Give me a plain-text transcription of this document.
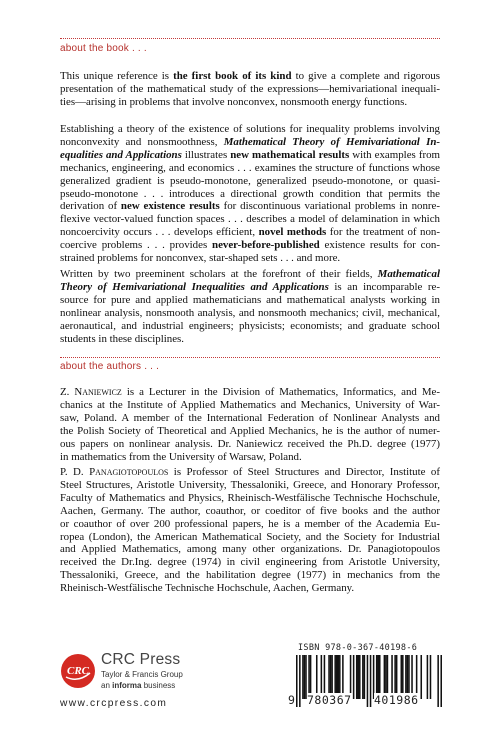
about the book . . .
This unique reference is the first book of its kind to give a complete and rigorous
presentation of the mathematical study of the expressions—hemivariational inequali-
ties—arising in problems that involve nonconvex, nonsmooth energy functions.
Establishing a theory of the existence of solutions for inequality problems involving
nonconvexity and nonsmoothness, Mathematical Theory of Hemivariational In-
equalities and Applications illustrates new mathematical results with examples from
mechanics, engineering, and economics . . . examines the structure of functions whose
generalized gradient is pseudo-monotone, generalized pseudo-monotone, or quasi-
pseudo-monotone . . . introduces a directional growth condition that permits the
derivation of new existence results for discontinuous variational problems in nonre-
flexive vector-valued function spaces . . . describes a model of delamination in which
noncoercivity occurs . . . develops efficient, novel methods for the treatment of non-
coercive problems . . . provides never-before-published existence results for con-
strained problems for nonconvex, star-shaped sets . . . and more.
Written by two preeminent scholars at the forefront of their fields, Mathematical
Theory of Hemivariational Inequalities and Applications is an incomparable re-
source for pure and applied mathematicians and mathematical analysts working in
nonlinear analysis, nonsmooth analysis, and nonsmooth mechanics; civil, mechanical,
aeronautical, and industrial engineers; physicists; economists; and graduate school
students in these disciplines.
about the authors . . .
Z. Naniewicz is a Lecturer in the Division of Mathematics, Informatics, and Me-
chanics at the Institute of Applied Mathematics and Mechanics, University of War-
saw, Poland. A member of the International Federation of Nonlinear Analysts and
the Polish Society of Theoretical and Applied Mechanics, he is the author of numer-
ous papers on nonlinear analysis. Dr. Naniewicz received the Ph.D. degree (1977)
in mathematics from the University of Warsaw, Poland.
P. D. Panagiotopoulos is Professor of Steel Structures and Director, Institute of
Steel Structures, Aristotle University, Thessaloniki, Greece, and Honorary Professor,
Faculty of Mathematics and Physics, Rheinisch-Westfälische Technische Hochschule,
Aachen, Germany. The author, coauthor, or coeditor of five books and the author
or coauthor of over 200 professional papers, he is a member of the Academia Eu-
ropea (London), the American Mathematical Society, and the Society for Industrial
and Applied Mathematics, among many other organizations. Dr. Panagiotopoulos
received the Dr.Ing. degree (1974) in civil engineering from Aristotle University,
Thessaloniki, Greece, and the habilitation degree (1977) in mechanics from the
Rheinisch-Westfälische Technische Hochschule, Aachen, Germany.
CRC
CRC Press
Taylor & Francis Group
an informa business
www.crcpress.com
ISBN 978-0-367-40198-6
9 780367 401986
